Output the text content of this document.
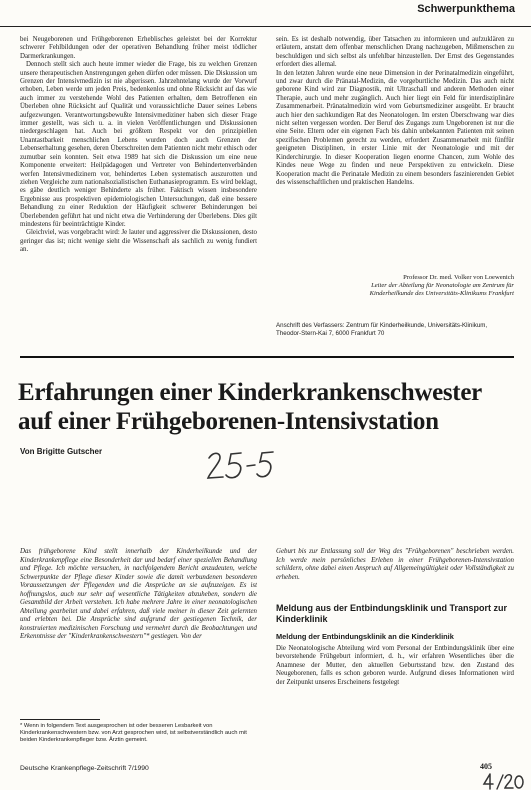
Schwerpunkthema

bei Neugeborenen und Frühgeborenen Erheblisches geleistet bei der Korrektur schwerer Fehlbildungen oder der operativen Behandlung früher meist tödlicher Darmerkrankungen.

Dennoch stellt sich auch heute immer wieder die Frage, bis zu welchen Grenzen unsere therapeutischen Anstrengungen gehen dürfen oder müssen. Die Diskussion um Grenzen der Intensivmedizin ist nie abgerissen. Jahrzehntelang wurde der Vorwurf erhoben, Leben werde um jeden Preis, bedenkenlos und ohne Rücksicht auf das wie auch immer zu verstehende Wohl des Patienten erhalten, dem Betroffenen ein Überleben ohne Rücksicht auf Qualität und voraussichtliche Dauer seines Lebens aufgezwungen. Verantwortungsbewußte Intensivmediziner haben sich dieser Frage immer gestellt, was sich u. a. in vielen Veröffentlichungen und Diskussionen niedergeschlagen hat. Auch bei größtem Respekt vor den prinzipiellen Unantastbarkeit menschlichen Lebens wurden doch auch Grenzen der Lebenserhaltung gesehen, deren Überschreiten dem Patienten nicht mehr ethisch oder zumutbar sein konnten. Seit etwa 1989 hat sich die Diskussion um eine neue Komponente erweitert: Heilpädagogen und Vertreter von Behindertenverbänden werfen Intensivmedizinern vor, behindertes Leben systematisch auszurotten und ziehen Vergleiche zum nationalsozialistischen Euthanasieprogramm. Es wird beklagt, es gäbe deutlich weniger Behinderte als früher. Faktisch wissen insbesondere Ergebnisse aus prospektiven epidemiologischen Untersuchungen, daß eine bessere Behandlung zu einer Reduktion der Häufigkeit schwerer Behinderungen bei Überlebenden geführt hat und nicht etwa die Verhinderung der Überlebens. Dies gilt mindestens für beeinträchtigte Kinder.

Gleichviel, was vorgebracht wird: Je lauter und aggressiver die Diskussionen, desto geringer das ist; nicht wenige sieht die Wissenschaft als sachlich zu wenig fundiert an.

sein. Es ist deshalb notwendig, über Tatsachen zu informieren und aufzuklären zu erläutern, anstatt dem offenbar menschlichen Drang nachzugeben, Mißmenschen zu beschuldigen und sich selbst als unfehlbar hinzustellen. Der Ernst des Gegenstandes erfordert dies allemal.

In den letzten Jahren wurde eine neue Dimension in der Perinatalmedizin eingeführt, und zwar durch die Pränatal-Medizin, die vorgeburtliche Medizin. Das auch nicht geborene Kind wird zur Diagnostik, mit Ultraschall und anderen Methoden einer Therapie, auch und mehr zugänglich. Auch hier liegt ein Feld für interdisziplinäre Zusammenarbeit. Pränatalmedizin wird vom Geburtsmediziner ausgeübt. Er braucht auch hier den sachkundigen Rat des Neonatologen. Im ersten Überschwang war dies nicht selten vergessen worden. Der Beruf des Zugangs zum Ungeborenen ist nur die eine Seite. Eltern oder ein eigenen Fach bis dahin unbekannten Patienten mit seinen spezifischen Problemen gerecht zu werden, erfordert Zusammenarbeit mit fünffür geeigneten Disziplinen, in erster Linie mit der Neonatologie und mit der Kinderchirurgie. In dieser Kooperation liegen enorme Chancen, zum Wohle des Kindes neue Wege zu finden und neue Perspektiven zu entwickeln. Diese Kooperation macht die Perinatale Medizin zu einem besonders faszinierenden Gebiet des wissenschaftlichen und praktischen Handelns.

Professor Dr. med. Volker von Loewenich
Leiter der Abteilung für Neonatologie am Zentrum für
Kinderheilkunde des Universitäts-Klinikums Frankfurt
Anschrift des Verfassers: Zentrum für Kinderheilkunde, Universitäts-Klinikum, Theodor-Stern-Kai 7, 6000 Frankfurt 70
Erfahrungen einer Kinderkrankenschwester auf einer Frühgeborenen-Intensivstation
Von Brigitte Gutscher
Das frühgeborene Kind stellt innerhalb der Kinderheilkunde und der Kinderkrankenpflege eine Besonderheit dar und bedarf einer speziellen Behandlung und Pflege. Ich möchte versuchen, in nachfolgendem Bericht anzudeuten, welche Schwerpunkte der Pflege dieser Kinder sowie die damit verbundenen besonderen Voraussetzungen der Pflegenden und die Ansprüche an sie aufzuzeigen. Es ist hoffnungslos, auch nur sehr auf wesentliche Tätigkeiten abzuheben, sondern die Gesamtbild der Arbeit verstehen. Ich habe mehrere Jahre in einer neonatologischen Abteilung gearbeitet und dabei erfahren, daß viele meiner in dieser Zeit gelernten und erlebten bei. Die Ansprüche sind aufgrund der gestiegenen Technik, der konstruierten medizinischen Forschung und vermehrt durch die Beobachtungen und Erkenntnisse der "Kinderkrankenschwestern"* gestiegen. Von der
Geburt bis zur Entlassung soll der Weg des "Frühgeborenen" beschrieben werden. Ich werde mein persönliches Erleben in einer Frühgeborenen-Intensivstation schildern, ohne dabei einen Anspruch auf Allgemeingültigkeit oder Vollständigkeit zu erheben.
Meldung aus der Entbindungsklinik und Transport zur Kinderklinik
Meldung der Entbindungsklinik an die Kinderklinik
Die Neonatologische Abteilung wird vom Personal der Entbindungsklinik über eine bevorstehende Frühgeburt informiert, d. h., wir erfahren Wesentliches über die Anamnese der Mutter, den aktuellen Geburtsstand bzw. den Zustand des Neugeborenen, falls es schon geboren wurde. Aufgrund dieses Informationen wird der Zeitpunkt unseres Erscheinens festgelegt
* Wenn in folgendem Text ausgesprochen ist oder besseren Lesbarkeit von Kinderkrankenschwestern bzw. von Arzt gesprochen wird, ist selbstverständlich auch mit beiden Kinderkrankenpfleger bzw. Ärztin gemeint.
Deutsche Krankenpflege-Zeitschrift 7/1990	405
